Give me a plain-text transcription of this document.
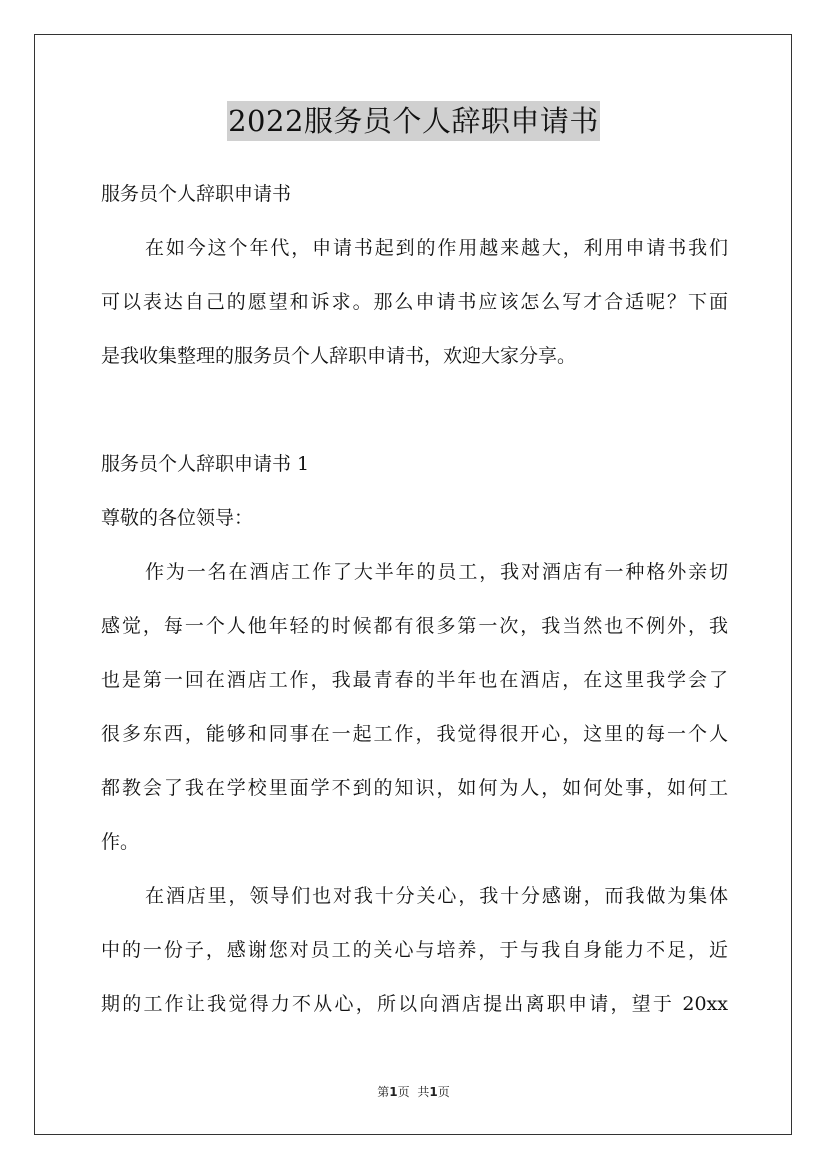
2022服务员个人辞职申请书
服务员个人辞职申请书
在如今这个年代，申请书起到的作用越来越大，利用申请书我们
可以表达自己的愿望和诉求。那么申请书应该怎么写才合适呢？下面
是我收集整理的服务员个人辞职申请书，欢迎大家分享。
服务员个人辞职申请书 1
尊敬的各位领导：
作为一名在酒店工作了大半年的员工，我对酒店有一种格外亲切
感觉，每一个人他年轻的时候都有很多第一次，我当然也不例外，我
也是第一回在酒店工作，我最青春的半年也在酒店，在这里我学会了
很多东西，能够和同事在一起工作，我觉得很开心，这里的每一个人
都教会了我在学校里面学不到的知识，如何为人，如何处事，如何工
作。
在酒店里，领导们也对我十分关心，我十分感谢，而我做为集体
中的一份子，感谢您对员工的关心与培养，于与我自身能力不足，近
期的工作让我觉得力不从心，所以向酒店提出离职申请，望于 20xx
第1页 共1页
